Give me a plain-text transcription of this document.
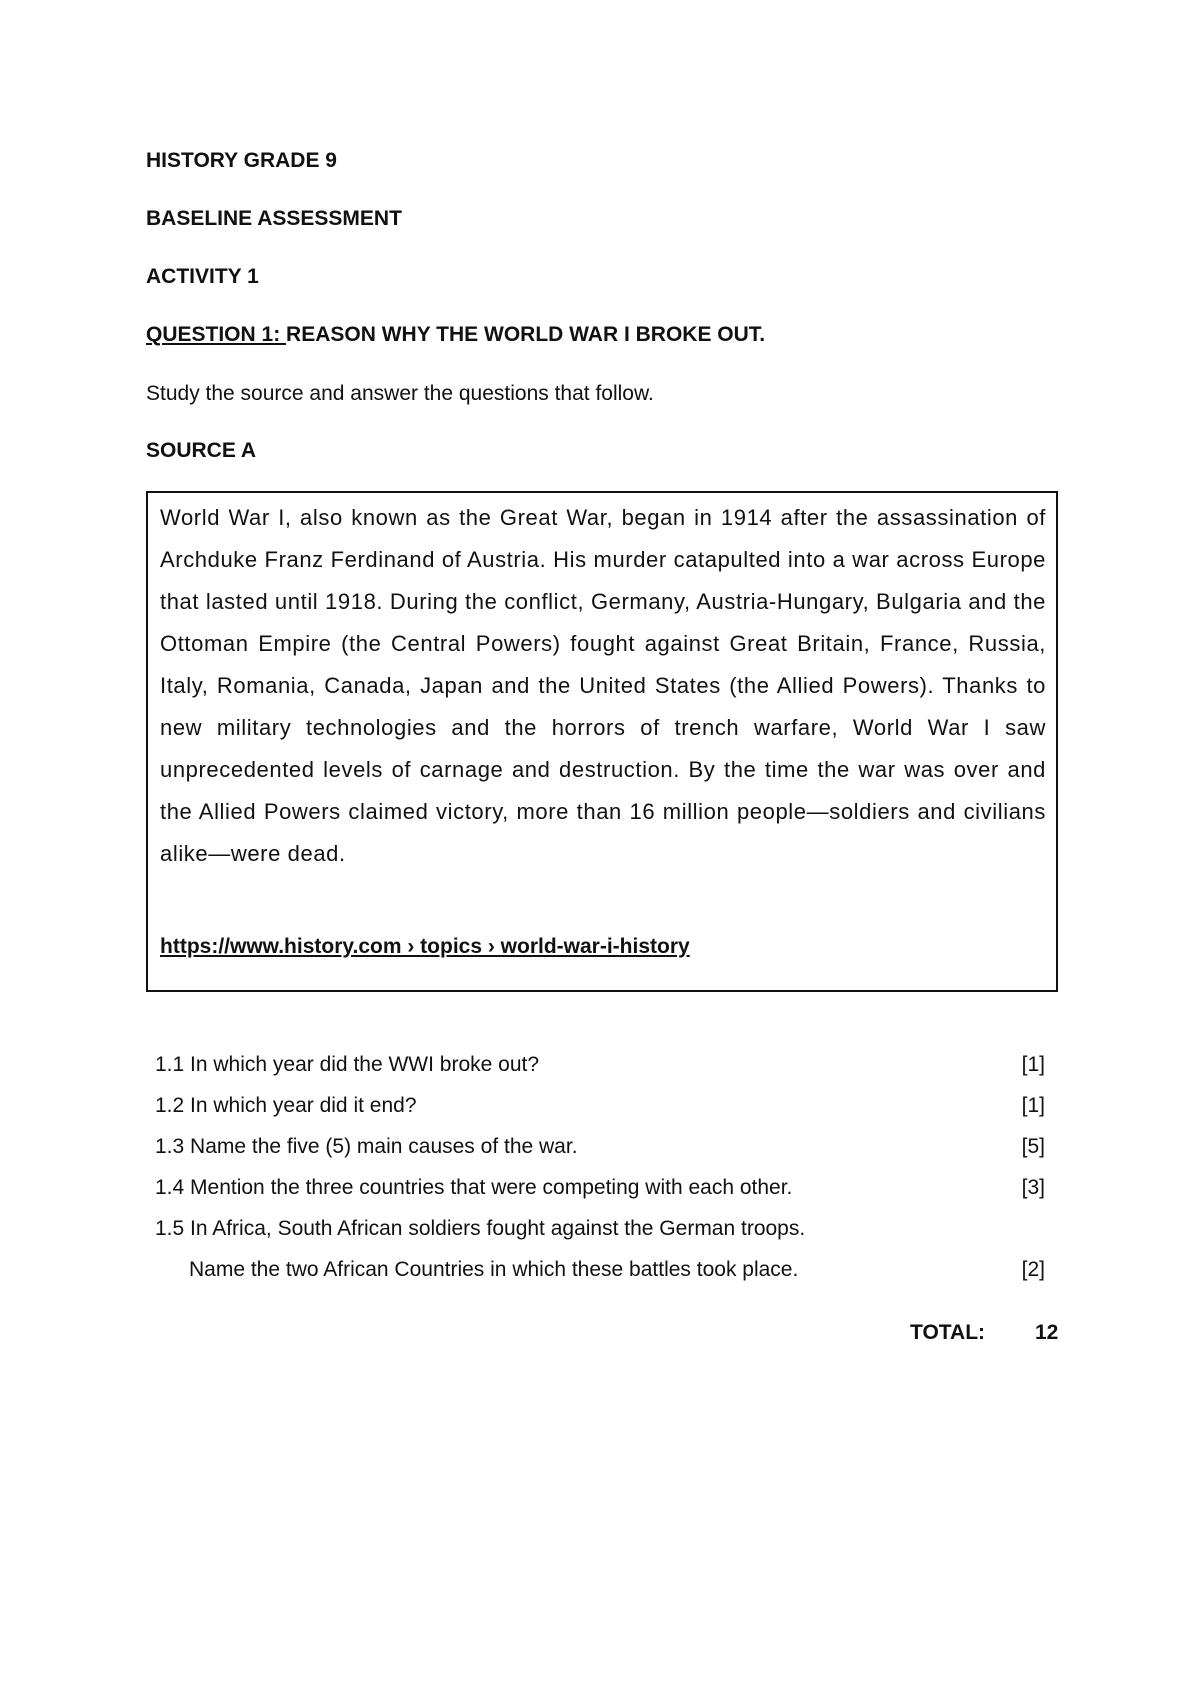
HISTORY GRADE 9
BASELINE ASSESSMENT
ACTIVITY 1
QUESTION 1: REASON WHY THE WORLD WAR I BROKE OUT.
Study the source and answer the questions that follow.
SOURCE A
World War I, also known as the Great War, began in 1914 after the assassination of Archduke Franz Ferdinand of Austria. His murder catapulted into a war across Europe that lasted until 1918. During the conflict, Germany, Austria-Hungary, Bulgaria and the Ottoman Empire (the Central Powers) fought against Great Britain, France, Russia, Italy, Romania, Canada, Japan and the United States (the Allied Powers). Thanks to new military technologies and the horrors of trench warfare, World War I saw unprecedented levels of carnage and destruction. By the time the war was over and the Allied Powers claimed victory, more than 16 million people—soldiers and civilians alike—were dead.
https://www.history.com › topics › world-war-i-history
1.1 In which year did the WWI broke out?	[1]
1.2 In which year did it end?	[1]
1.3 Name the five (5) main causes of the war.	[5]
1.4 Mention the three countries that were competing with each other.	[3]
1.5 In Africa, South African soldiers fought against the German troops.
Name the two African Countries in which these battles took place.	[2]
TOTAL: 12
